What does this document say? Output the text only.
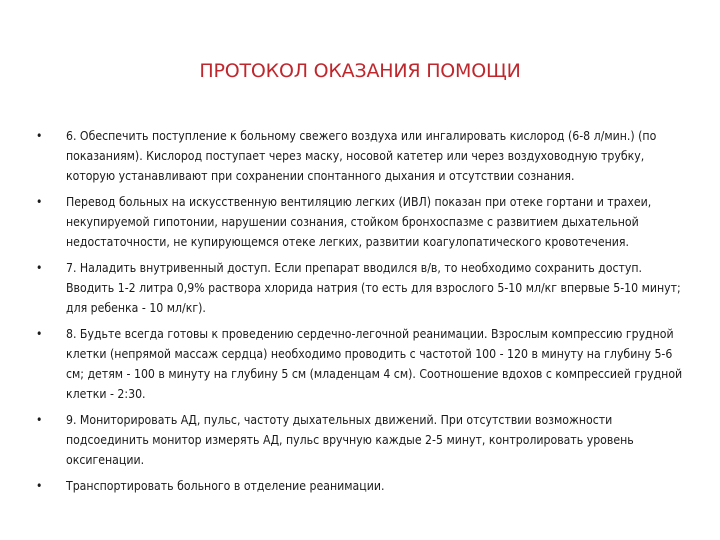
ПРОТОКОЛ ОКАЗАНИЯ ПОМОЩИ
• 6. Обеспечить поступление к больному свежего воздуха или ингалировать кислород (6-8 л/мин.) (по показаниям). Кислород поступает через маску, носовой катетер или через воздуховодную трубку, которую устанавливают при сохранении спонтанного дыхания и отсутствии сознания.
• Перевод больных на искусственную вентиляцию легких (ИВЛ) показан при отеке гортани и трахеи, некупируемой гипотонии, нарушении сознания, стойком бронхоспазме с развитием дыхательной недостаточности, не купирующемся отеке легких, развитии коагулопатического кровотечения.
• 7. Наладить внутривенный доступ. Если препарат вводился в/в, то необходимо сохранить доступ. Вводить 1-2 литра 0,9% раствора хлорида натрия (то есть для взрослого 5-10 мл/кг впервые 5-10 минут; для ребенка - 10 мл/кг).
• 8. Будьте всегда готовы к проведению сердечно-легочной реанимации. Взрослым компрессию грудной клетки (непрямой массаж сердца) необходимо проводить с частотой 100 - 120 в минуту на глубину 5-6 см; детям - 100 в минуту на глубину 5 см (младенцам 4 см). Соотношение вдохов с компрессией грудной клетки - 2:30.
• 9. Мониторировать АД, пульс, частоту дыхательных движений. При отсутствии возможности подсоединить монитор измерять АД, пульс вручную каждые 2-5 минут, контролировать уровень оксигенации.
• Транспортировать больного в отделение реанимации.
